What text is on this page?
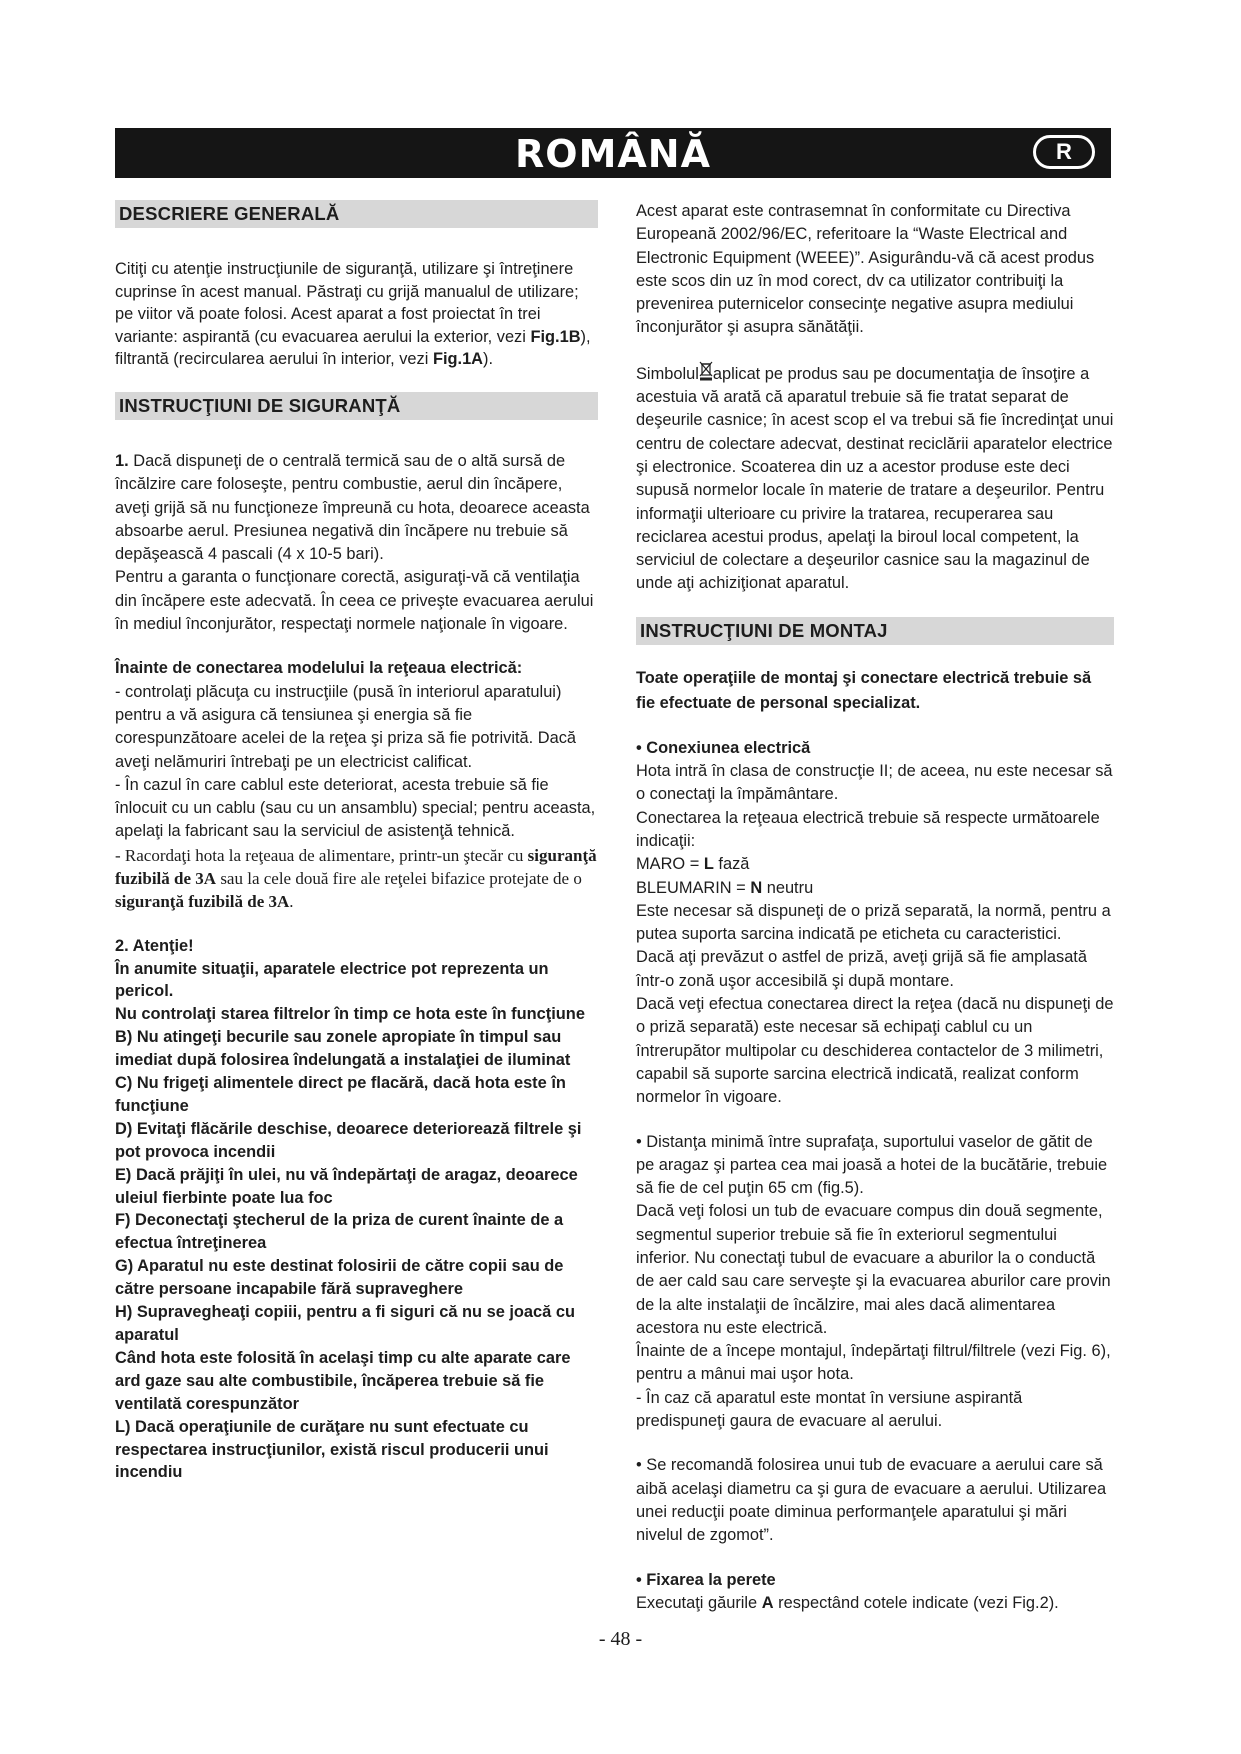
ROMÂNĂ	R
DESCRIERE GENERALĂ

Citiţi cu atenţie instrucţiunile de siguranţă, utilizare şi întreţinere cuprinse în acest manual. Păstraţi cu grijă manualul de utilizare; pe viitor vă poate folosi. Acest aparat a fost proiectat în trei variante: aspirantă (cu evacuarea aerului la exterior, vezi Fig.1B), filtrantă (recircularea aerului în interior, vezi Fig.1A).

INSTRUCŢIUNI DE SIGURANŢĂ

1. Dacă dispuneţi de o centrală termică sau de o altă sursă de încălzire care foloseşte, pentru combustie, aerul din încăpere, aveţi grijă să nu funcţioneze împreună cu hota, deoarece aceasta absoarbe aerul. Presiunea negativă din încăpere nu trebuie să depăşească 4 pascali (4 x 10-5 bari).

Pentru a garanta o funcţionare corectă, asiguraţi-vă că ventilaţia din încăpere este adecvată. În ceea ce priveşte evacuarea aerului în mediul înconjurător, respectaţi normele naţionale în vigoare.

Înainte de conectarea modelului la reţeaua electrică:

- controlaţi plăcuţa cu instrucţiile (pusă în interiorul aparatului) pentru a vă asigura că tensiunea şi energia să fie corespunzătoare acelei de la reţea şi priza să fie potrivită. Dacă aveţi nelămuriri întrebaţi pe un electricist calificat.

- În cazul în care cablul este deteriorat, acesta trebuie să fie înlocuit cu un cablu (sau cu un ansamblu) special; pentru aceasta, apelaţi la fabricant sau la serviciul de asistenţă tehnică.

- Racordaţi hota la reţeaua de alimentare, printr-un ştecăr cu siguranţă fuzibilă de 3A sau la cele două fire ale reţelei bifazice protejate de o siguranţă fuzibilă de 3A.

2. Atenţie!

În anumite situaţii, aparatele electrice pot reprezenta un pericol.

Nu controlaţi starea filtrelor în timp ce hota este în funcţiune

B) Nu atingeţi becurile sau zonele apropiate în timpul sau imediat după folosirea îndelungată a instalaţiei de iluminat

C) Nu frigeţi alimentele direct pe flacără, dacă hota este în funcţiune

D) Evitaţi flăcările deschise, deoarece deteriorează filtrele şi pot provoca incendii

E) Dacă prăjiţi în ulei, nu vă îndepărtaţi de aragaz, deoarece uleiul fierbinte poate lua foc

F) Deconectaţi ştecherul de la priza de curent înainte de a efectua întreţinerea

G) Aparatul nu este destinat folosirii de către copii sau de către persoane incapabile fără supraveghere

H) Supravegheaţi copiii, pentru a fi siguri că nu se joacă cu aparatul

Când hota este folosită în acelaşi timp cu alte aparate care ard gaze sau alte combustibile, încăperea trebuie să fie ventilată corespunzător

L) Dacă operaţiunile de curăţare nu sunt efectuate cu respectarea instrucţiunilor, există riscul producerii unui incendiu

Acest aparat este contrasemnat în conformitate cu Directiva Europeană 2002/96/EC, referitoare la “Waste Electrical and Electronic Equipment (WEEE)”. Asigurându-vă că acest produs este scos din uz în mod corect, dv ca utilizator contribuiţi la prevenirea puternicelor consecinţe negative asupra mediului înconjurător şi asupra sănătăţii.

Simbolul aplicat pe produs sau pe documentaţia de însoţire a acestuia vă arată că aparatul trebuie să fie tratat separat de deşeurile casnice; în acest scop el va trebui să fie încredinţat unui centru de colectare adecvat, destinat reciclării aparatelor electrice şi electronice. Scoaterea din uz a acestor produse este deci supusă normelor locale în materie de tratare a deşeurilor. Pentru informaţii ulterioare cu privire la tratarea, recuperarea sau reciclarea acestui produs, apelaţi la biroul local competent, la serviciul de colectare a deşeurilor casnice sau la magazinul de unde aţi achiziţionat aparatul.

INSTRUCŢIUNI DE MONTAJ

Toate operaţiile de montaj şi conectare electrică trebuie să fie efectuate de personal specializat.

• Conexiunea electrică

Hota intră în clasa de construcţie II; de aceea, nu este necesar să o conectaţi la împământare.

Conectarea la reţeaua electrică trebuie să respecte următoarele indicaţii:

MARO = L fază

BLEUMARIN = N neutru

Este necesar să dispuneţi de o priză separată, la normă, pentru a putea suporta sarcina indicată pe eticheta cu caracteristici.

Dacă aţi prevăzut o astfel de priză, aveţi grijă să fie amplasată într-o zonă uşor accesibilă şi după montare.

Dacă veţi efectua conectarea direct la reţea (dacă nu dispuneţi de o priză separată) este necesar să echipaţi cablul cu un întrerupător multipolar cu deschiderea contactelor de 3 milimetri, capabil să suporte sarcina electrică indicată, realizat conform normelor în vigoare.

• Distanţa minimă între suprafaţa, suportului vaselor de gătit de pe aragaz şi partea cea mai joasă a hotei de la bucătărie, trebuie să fie de cel puţin 65 cm (fig.5).

Dacă veţi folosi un tub de evacuare compus din două segmente, segmentul superior trebuie să fie în exteriorul segmentului inferior. Nu conectaţi tubul de evacuare a aburilor la o conductă de aer cald sau care serveşte şi la evacuarea aburilor care provin de la alte instalaţii de încălzire, mai ales dacă alimentarea acestora nu este electrică.

Înainte de a începe montajul, îndepărtaţi filtrul/filtrele (vezi Fig. 6), pentru a mânui mai uşor hota.

- În caz că aparatul este montat în versiune aspirantă predispuneţi gaura de evacuare al aerului.

• Se recomandă folosirea unui tub de evacuare a aerului care să aibă acelaşi diametru ca şi gura de evacuare a aerului. Utilizarea unei reducţii poate diminua performanţele aparatului şi mări nivelul de zgomot”.

• Fixarea la perete

Executaţi găurile A respectând cotele indicate (vezi Fig.2).

- 48 -
